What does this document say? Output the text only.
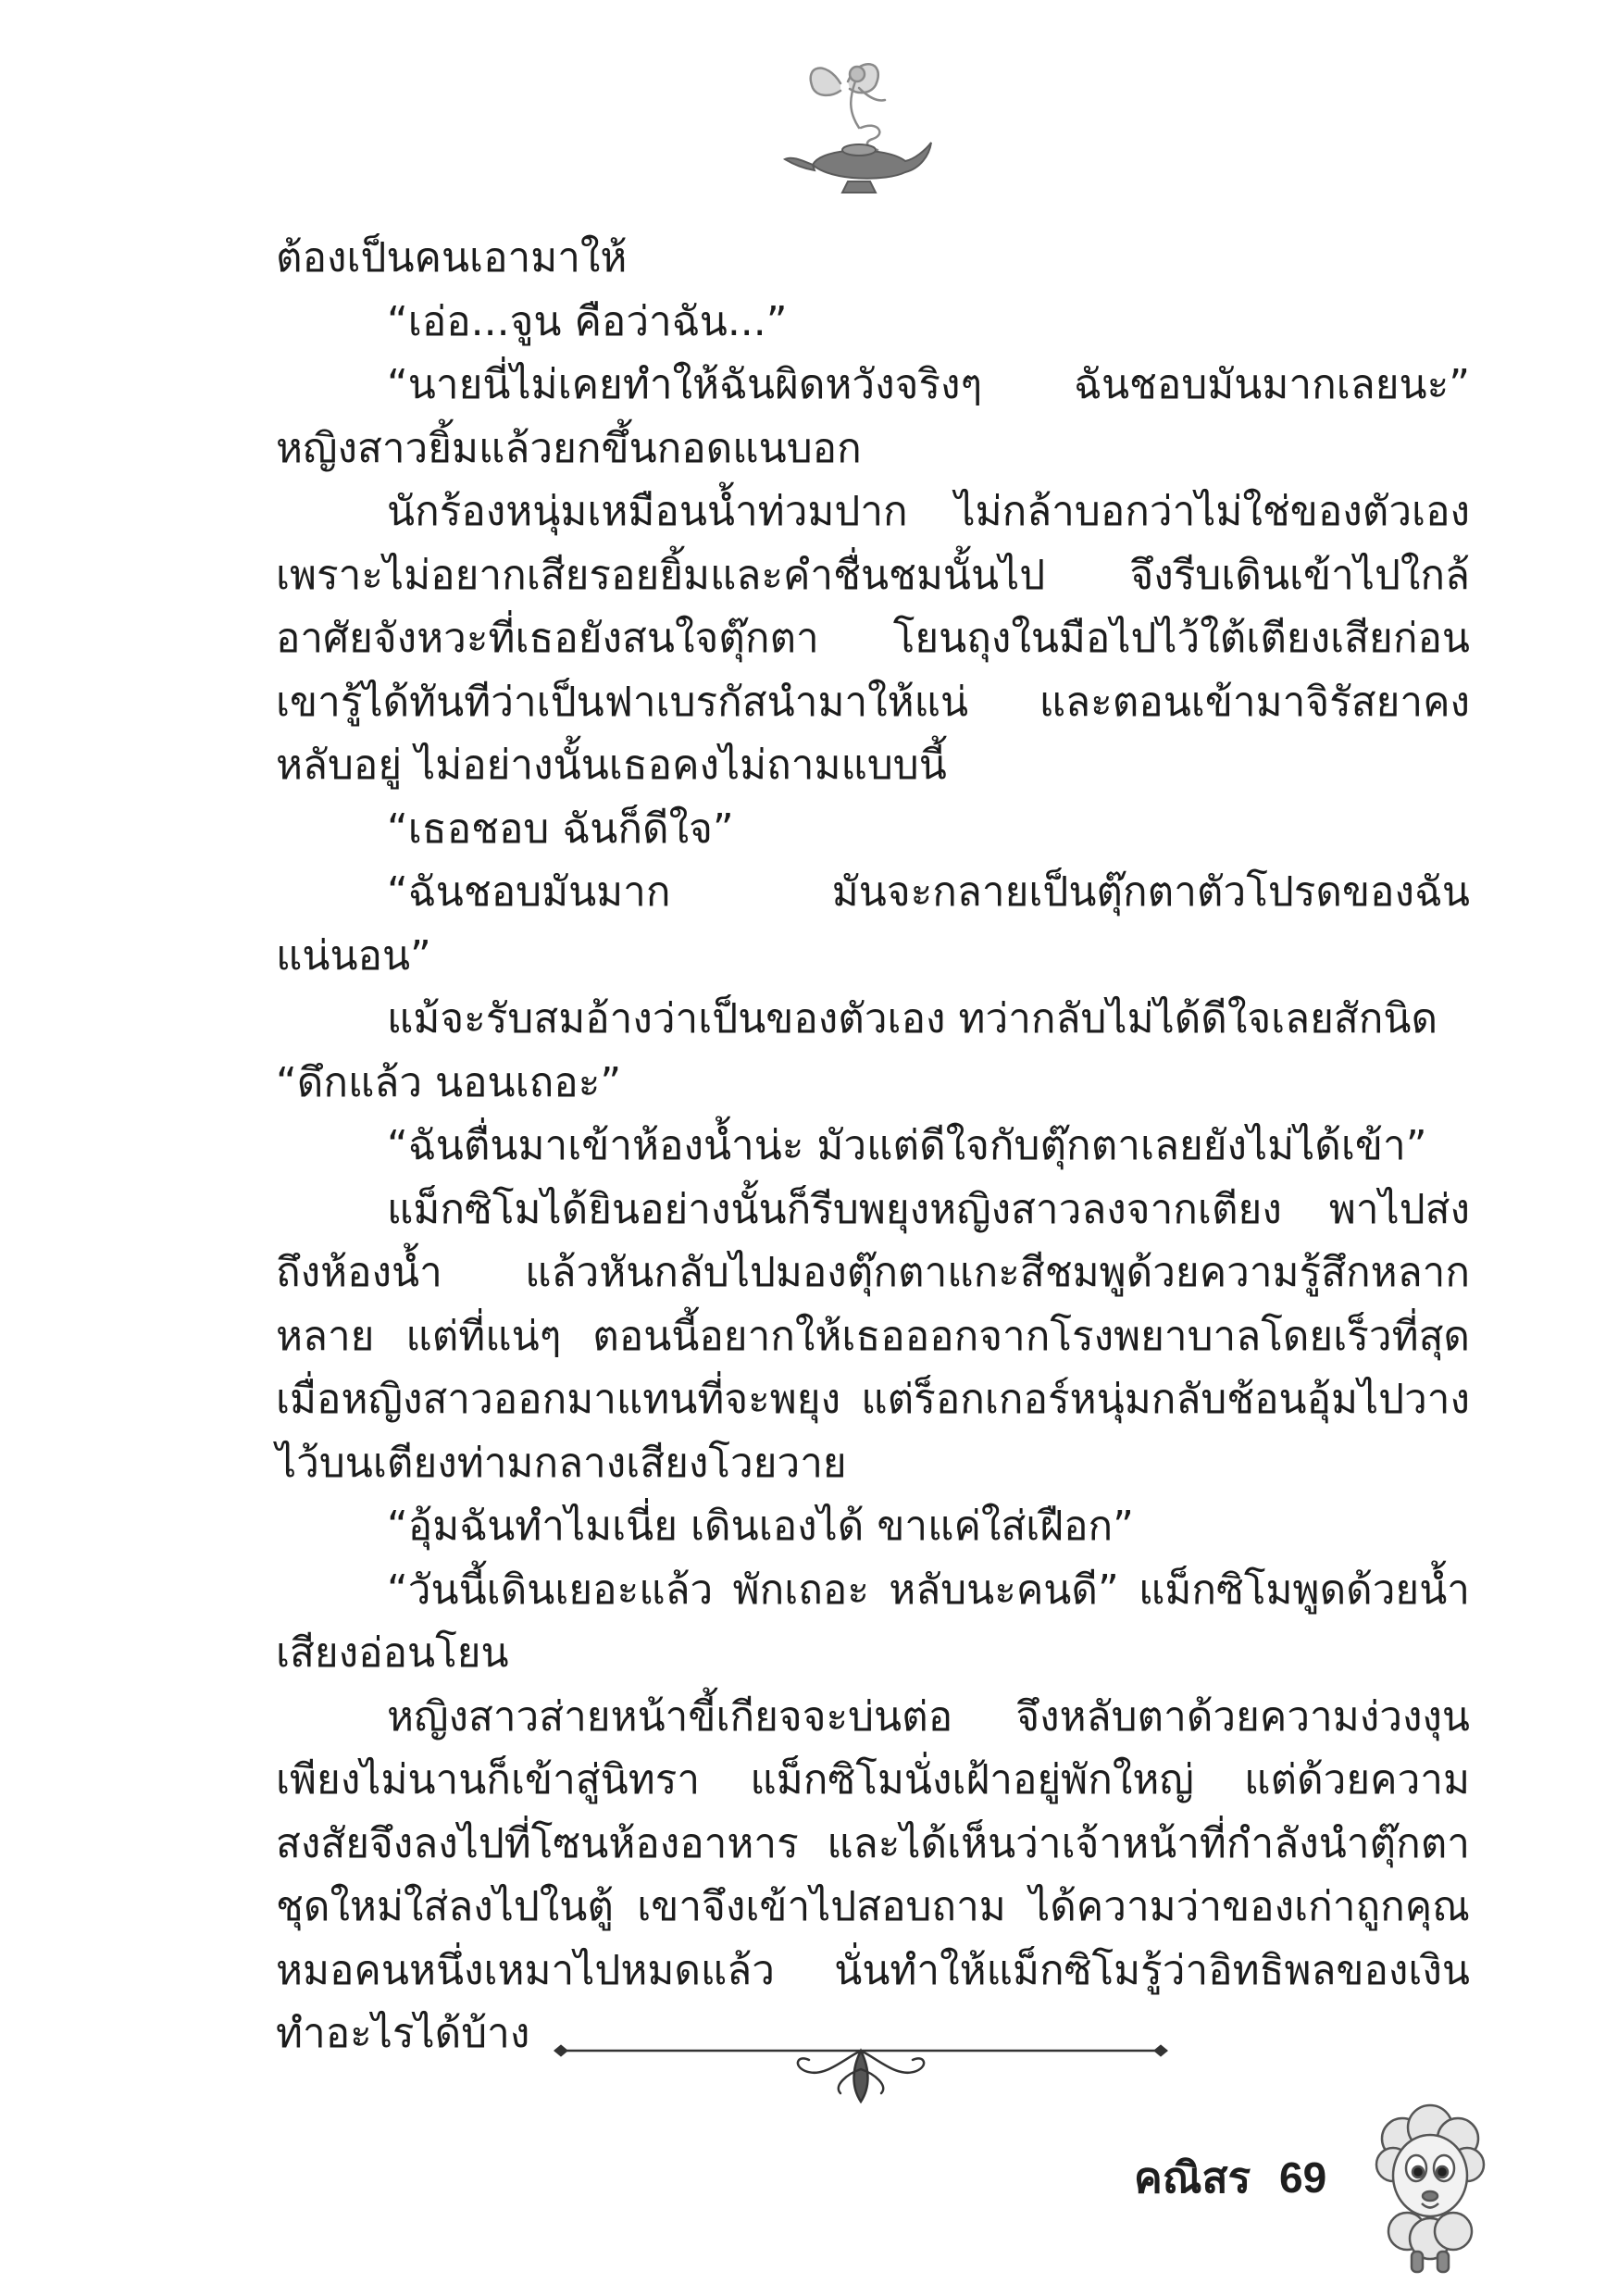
ต้องเป็นคนเอามาให้

“เอ่อ...จูน คือว่าฉัน...”

“นายนี่ไม่เคยทำให้ฉันผิดหวังจริงๆ ฉันชอบมันมากเลยนะ” หญิงสาวยิ้มแล้วยกขึ้นกอดแนบอก

นักร้องหนุ่มเหมือนน้ำท่วมปาก ไม่กล้าบอกว่าไม่ใช่ของตัวเองเพราะไม่อยากเสียรอยยิ้มและคำชื่นชมนั้นไป จึงรีบเดินเข้าไปใกล้ อาศัยจังหวะที่เธอยังสนใจตุ๊กตา โยนถุงในมือไปไว้ใต้เตียงเสียก่อน เขารู้ได้ทันทีว่าเป็นฟาเบรกัสนำมาให้แน่ และตอนเข้ามาจิรัสยาคงหลับอยู่ ไม่อย่างนั้นเธอคงไม่ถามแบบนี้

“เธอชอบ ฉันก็ดีใจ”

“ฉันชอบมันมาก มันจะกลายเป็นตุ๊กตาตัวโปรดของฉันแน่นอน”

แม้จะรับสมอ้างว่าเป็นของตัวเอง ทว่ากลับไม่ได้ดีใจเลยสักนิด

“ดึกแล้ว นอนเถอะ”

“ฉันตื่นมาเข้าห้องน้ำน่ะ มัวแต่ดีใจกับตุ๊กตาเลยยังไม่ได้เข้า”

แม็กซิโมได้ยินอย่างนั้นก็รีบพยุงหญิงสาวลงจากเตียง พาไปส่งถึงห้องน้ำ แล้วหันกลับไปมองตุ๊กตาแกะสีชมพูด้วยความรู้สึกหลากหลาย แต่ที่แน่ๆ ตอนนี้อยากให้เธอออกจากโรงพยาบาลโดยเร็วที่สุด เมื่อหญิงสาวออกมาแทนที่จะพยุง แต่ร็อกเกอร์หนุ่มกลับช้อนอุ้มไปวางไว้บนเตียงท่ามกลางเสียงโวยวาย

“อุ้มฉันทำไมเนี่ย เดินเองได้ ขาแค่ใส่เฝือก”

“วันนี้เดินเยอะแล้ว พักเถอะ หลับนะคนดี” แม็กซิโมพูดด้วยน้ำเสียงอ่อนโยน

หญิงสาวส่ายหน้าขี้เกียจจะบ่นต่อ จึงหลับตาด้วยความง่วงงุน เพียงไม่นานก็เข้าสู่นิทรา แม็กซิโมนั่งเฝ้าอยู่พักใหญ่ แต่ด้วยความสงสัยจึงลงไปที่โซนห้องอาหาร และได้เห็นว่าเจ้าหน้าที่กำลังนำตุ๊กตาชุดใหม่ใส่ลงไปในตู้ เขาจึงเข้าไปสอบถาม ได้ความว่าของเก่าถูกคุณหมอคนหนึ่งเหมาไปหมดแล้ว นั่นทำให้แม็กซิโมรู้ว่าอิทธิพลของเงินทำอะไรได้บ้าง

คณิสร 69
